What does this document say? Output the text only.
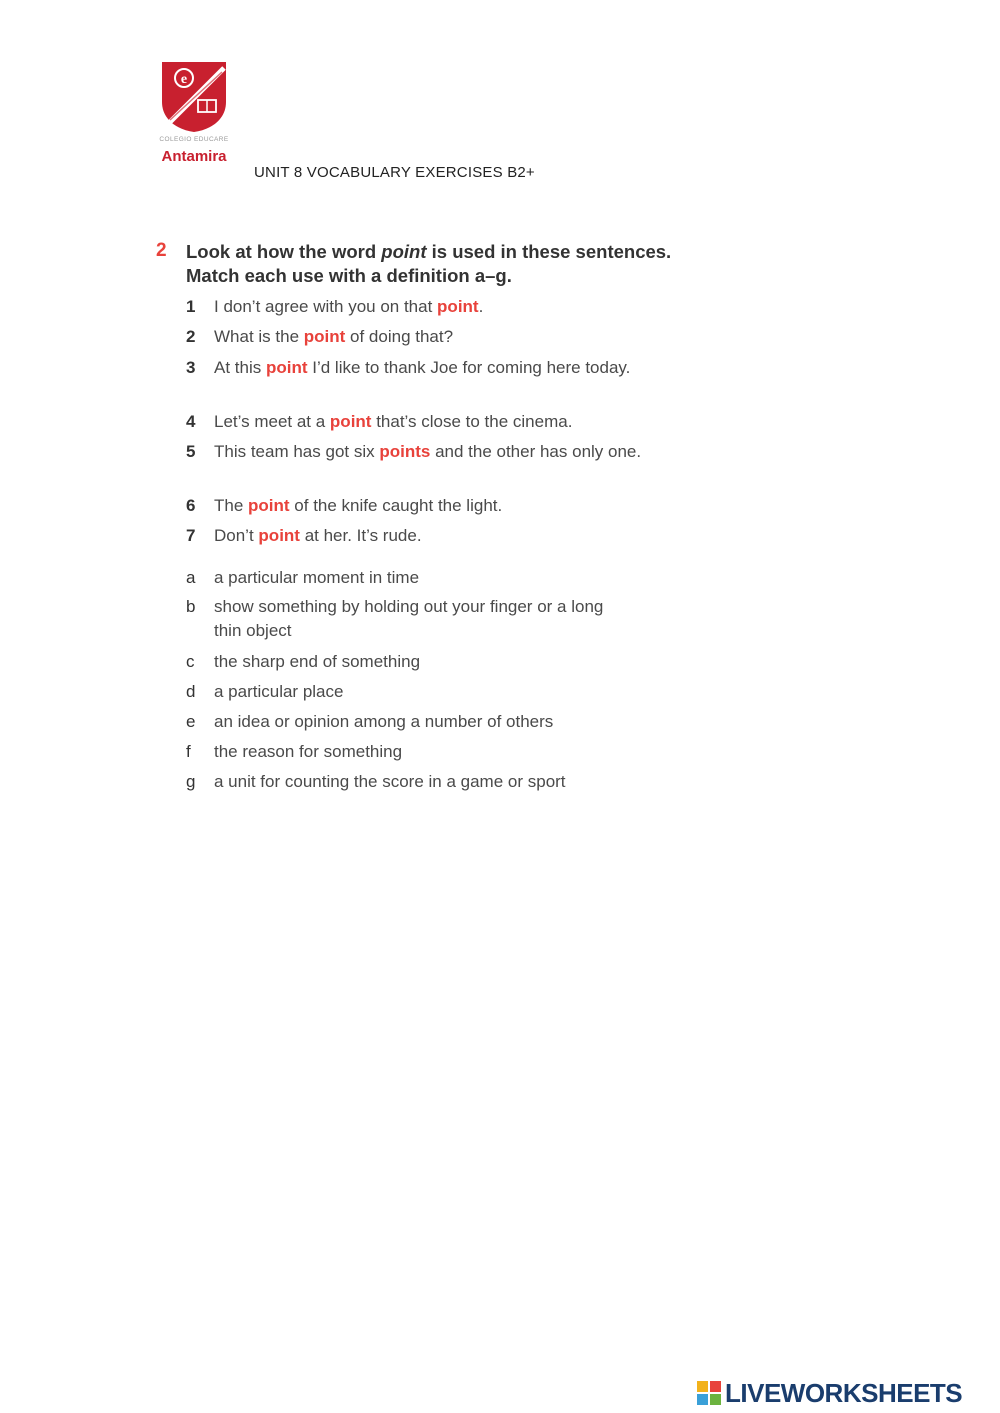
e
COLEGIO EDUCARE
Antamira
UNIT 8 VOCABULARY EXERCISES B2+
2 Look at how the word point is used in these sentences. Match each use with a definition a–g.
1 I don’t agree with you on that point.
2 What is the point of doing that?
3 At this point I’d like to thank Joe for coming here today.
4 Let’s meet at a point that’s close to the cinema.
5 This team has got six points and the other has only one.
6 The point of the knife caught the light.
7 Don’t point at her. It’s rude.
a a particular moment in time
b show something by holding out your finger or a long thin object
c the sharp end of something
d a particular place
e an idea or opinion among a number of others
f the reason for something
g a unit for counting the score in a game or sport
LIVEWORKSHEETS
